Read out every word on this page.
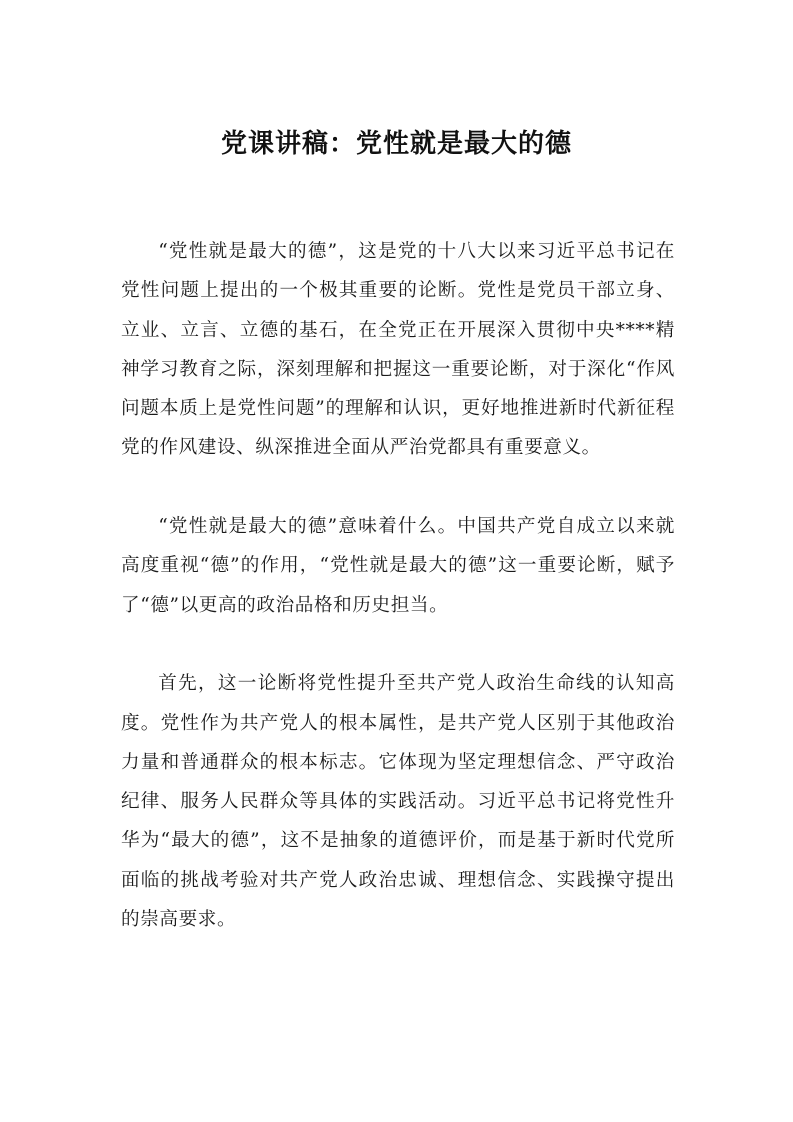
党课讲稿：党性就是最大的德

“党性就是最大的德”，这是党的十八大以来习近平总书记在党性问题上提出的一个极其重要的论断。党性是党员干部立身、立业、立言、立德的基石，在全党正在开展深入贯彻中央****精神学习教育之际，深刻理解和把握这一重要论断，对于深化“作风问题本质上是党性问题”的理解和认识，更好地推进新时代新征程党的作风建设、纵深推进全面从严治党都具有重要意义。

“党性就是最大的德”意味着什么。中国共产党自成立以来就高度重视“德”的作用，“党性就是最大的德”这一重要论断，赋予了“德”以更高的政治品格和历史担当。

首先，这一论断将党性提升至共产党人政治生命线的认知高度。党性作为共产党人的根本属性，是共产党人区别于其他政治力量和普通群众的根本标志。它体现为坚定理想信念、严守政治纪律、服务人民群众等具体的实践活动。习近平总书记将党性升华为“最大的德”，这不是抽象的道德评价，而是基于新时代党所面临的挑战考验对共产党人政治忠诚、理想信念、实践操守提出的崇高要求。
